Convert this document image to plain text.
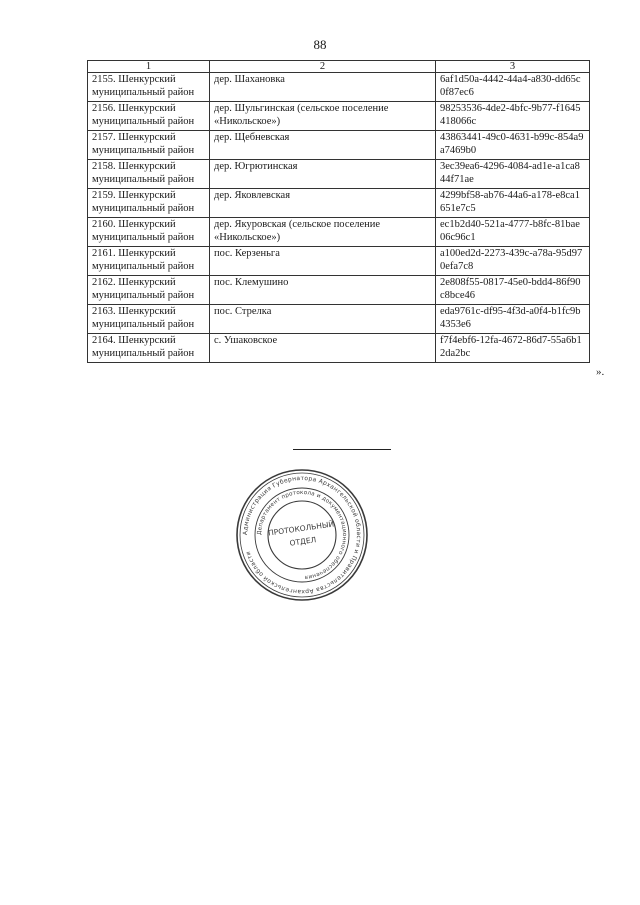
88
1	2	3
2155. Шенкурский муниципальный район	дер. Шахановка	6af1d50a-4442-44a4-a830-dd65c0f87ec6
2156. Шенкурский муниципальный район	дер. Шульгинская (сельское поселение «Никольское»)	98253536-4de2-4bfc-9b77-f1645418066c
2157. Шенкурский муниципальный район	дер. Щебневская	43863441-49c0-4631-b99c-854a9a7469b0
2158. Шенкурский муниципальный район	дер. Югрютинская	3ec39ea6-4296-4084-ad1e-a1ca844f71ae
2159. Шенкурский муниципальный район	дер. Яковлевская	4299bf58-ab76-44a6-a178-e8ca1651e7c5
2160. Шенкурский муниципальный район	дер. Якуровская (сельское поселение «Никольское»)	ec1b2d40-521a-4777-b8fc-81bae06c96c1
2161. Шенкурский муниципальный район	пос. Керзеньга	a100ed2d-2273-439c-a78a-95d970efa7c8
2162. Шенкурский муниципальный район	пос. Клемушино	2e808f55-0817-45e0-bdd4-86f90c8bce46
2163. Шенкурский муниципальный район	пос. Стрелка	eda9761c-df95-4f3d-a0f4-b1fc9b4353e6
2164. Шенкурский муниципальный район	с. Ушаковское	f7f4ebf6-12fa-4672-86d7-55a6b12da2bc
».
Администрация Губернатора Архангельской области и Правительства Архангельской области
Департамент протокола и документационного обеспечения
ПРОТОКОЛЬНЫЙ
ОТДЕЛ
